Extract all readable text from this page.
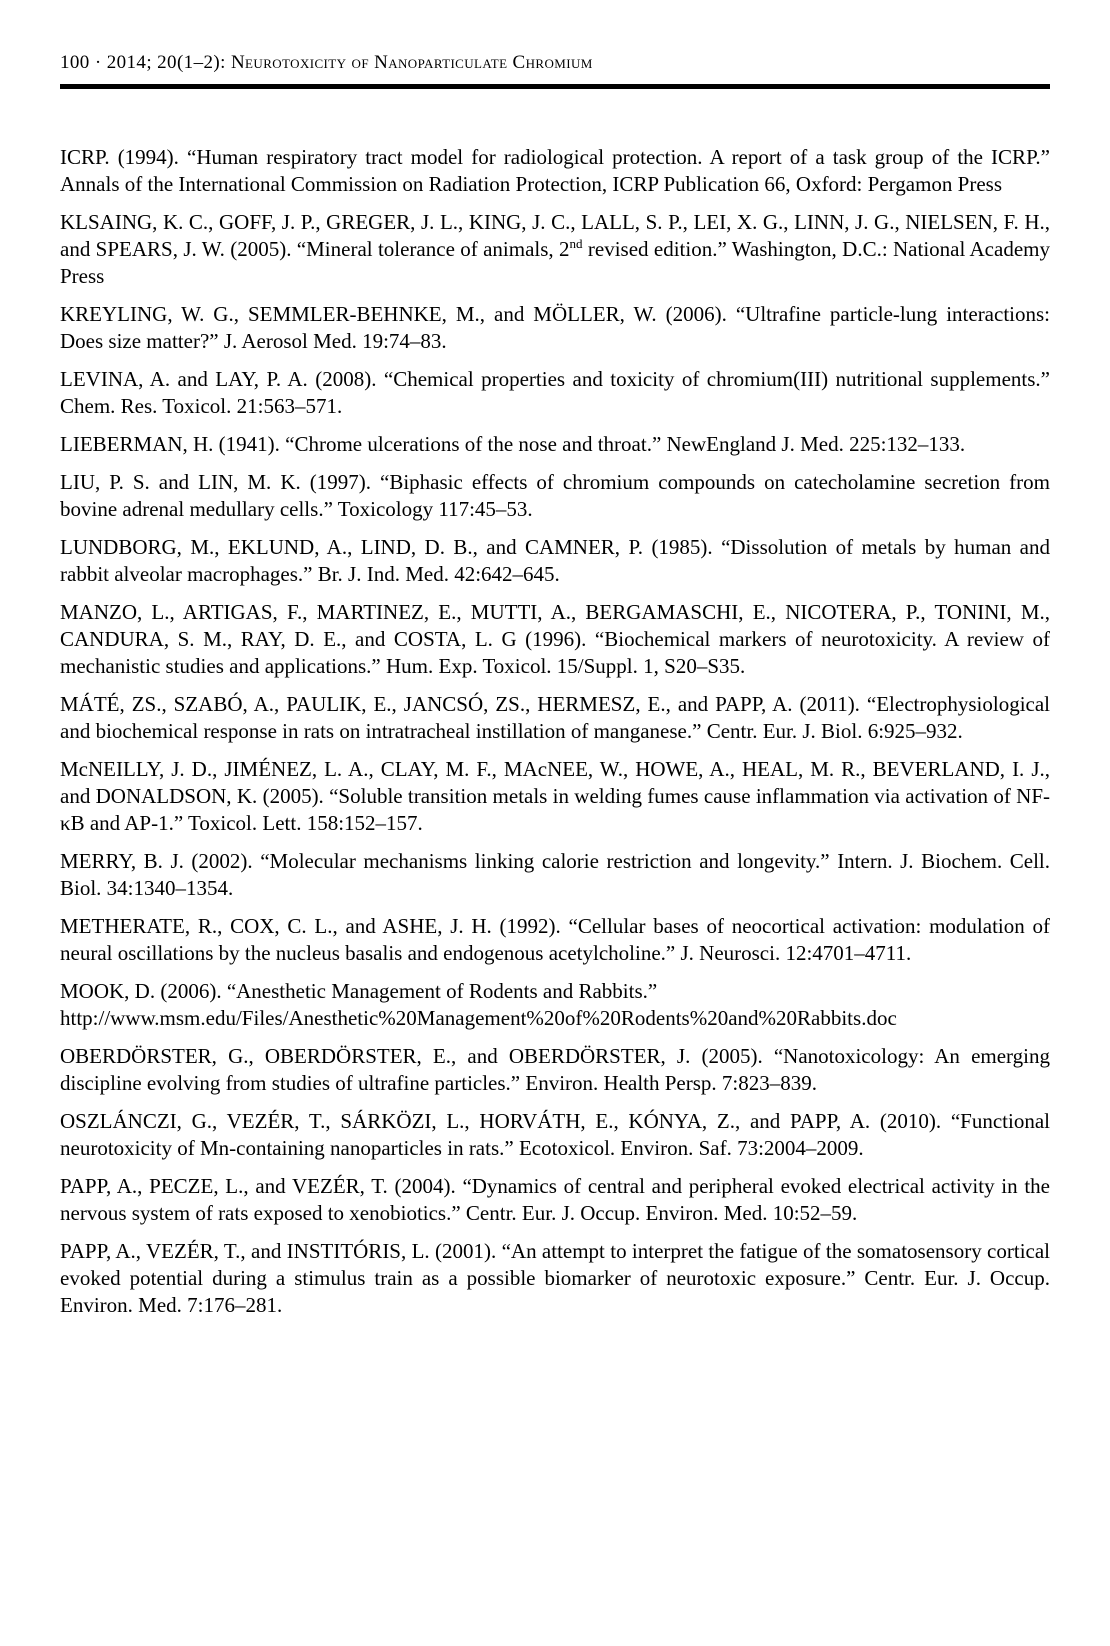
100 · 2014; 20(1–2): Neurotoxicity of Nanoparticulate Chromium

ICRP. (1994). “Human respiratory tract model for radiological protection. A report of a task group of the ICRP.” Annals of the International Commission on Radiation Protection, ICRP Publication 66, Oxford: Pergamon Press

KLSAING, K. C., GOFF, J. P., GREGER, J. L., KING, J. C., LALL, S. P., LEI, X. G., LINN, J. G., NIELSEN, F. H., and SPEARS, J. W. (2005). “Mineral tolerance of animals, 2nd revised edition.” Washington, D.C.: National Academy Press

KREYLING, W. G., SEMMLER-BEHNKE, M., and MÖLLER, W. (2006). “Ultrafine particle-lung interactions: Does size matter?” J. Aerosol Med. 19:74–83.

LEVINA, A. and LAY, P. A. (2008). “Chemical properties and toxicity of chromium(III) nutritional supplements.” Chem. Res. Toxicol. 21:563–571.

LIEBERMAN, H. (1941). “Chrome ulcerations of the nose and throat.” NewEngland J. Med. 225:132–133.

LIU, P. S. and LIN, M. K. (1997). “Biphasic effects of chromium compounds on catecholamine secretion from bovine adrenal medullary cells.” Toxicology 117:45–53.

LUNDBORG, M., EKLUND, A., LIND, D. B., and CAMNER, P. (1985). “Dissolution of metals by human and rabbit alveolar macrophages.” Br. J. Ind. Med. 42:642–645.

MANZO, L., ARTIGAS, F., MARTINEZ, E., MUTTI, A., BERGAMASCHI, E., NICOTERA, P., TONINI, M., CANDURA, S. M., RAY, D. E., and COSTA, L. G (1996). “Biochemical markers of neurotoxicity. A review of mechanistic studies and applications.” Hum. Exp. Toxicol. 15/Suppl. 1, S20–S35.

MÁTÉ, ZS., SZABÓ, A., PAULIK, E., JANCSÓ, ZS., HERMESZ, E., and PAPP, A. (2011). “Electrophysiological and biochemical response in rats on intratracheal instillation of manganese.” Centr. Eur. J. Biol. 6:925–932.

McNEILLY, J. D., JIMÉNEZ, L. A., CLAY, M. F., MAcNEE, W., HOWE, A., HEAL, M. R., BEVERLAND, I. J., and DONALDSON, K. (2005). “Soluble transition metals in welding fumes cause inflammation via activation of NF-κB and AP-1.” Toxicol. Lett. 158:152–157.

MERRY, B. J. (2002). “Molecular mechanisms linking calorie restriction and longevity.” Intern. J. Biochem. Cell. Biol. 34:1340–1354.

METHERATE, R., COX, C. L., and ASHE, J. H. (1992). “Cellular bases of neocortical activation: modulation of neural oscillations by the nucleus basalis and endogenous acetylcholine.” J. Neurosci. 12:4701–4711.

MOOK, D. (2006). “Anesthetic Management of Rodents and Rabbits.”
http://www.msm.edu/Files/Anesthetic%20Management%20of%20Rodents%20and%20Rabbits.doc

OBERDÖRSTER, G., OBERDÖRSTER, E., and OBERDÖRSTER, J. (2005). “Nanotoxicology: An emerging discipline evolving from studies of ultrafine particles.” Environ. Health Persp. 7:823–839.

OSZLÁNCZI, G., VEZÉR, T., SÁRKÖZI, L., HORVÁTH, E., KÓNYA, Z., and PAPP, A. (2010). “Functional neurotoxicity of Mn-containing nanoparticles in rats.” Ecotoxicol. Environ. Saf. 73:2004–2009.

PAPP, A., PECZE, L., and VEZÉR, T. (2004). “Dynamics of central and peripheral evoked electrical activity in the nervous system of rats exposed to xenobiotics.” Centr. Eur. J. Occup. Environ. Med. 10:52–59.

PAPP, A., VEZÉR, T., and INSTITÓRIS, L. (2001). “An attempt to interpret the fatigue of the somatosensory cortical evoked potential during a stimulus train as a possible biomarker of neurotoxic exposure.” Centr. Eur. J. Occup. Environ. Med. 7:176–281.
